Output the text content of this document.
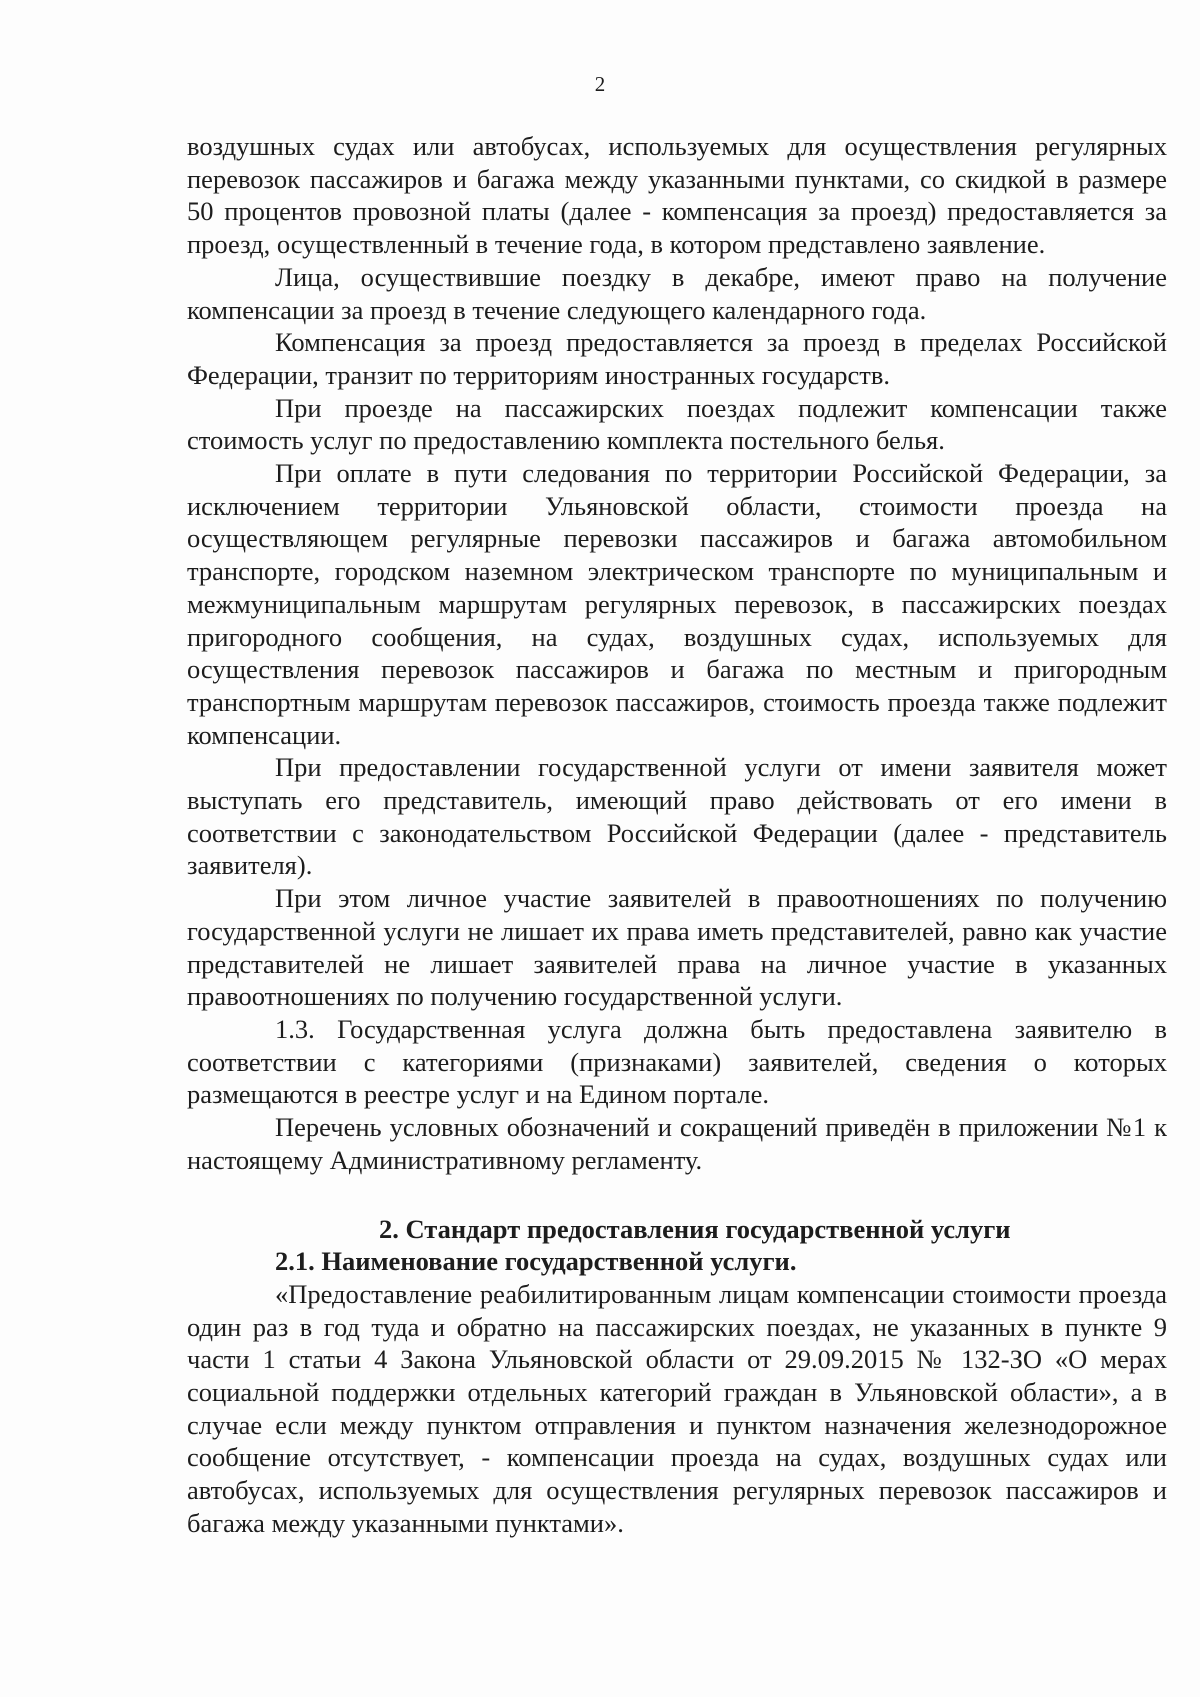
2

воздушных судах или автобусах, используемых для осуществления регулярных перевозок пассажиров и багажа между указанными пунктами, со скидкой в размере 50 процентов провозной платы (далее - компенсация за проезд) предоставляется за проезд, осуществленный в течение года, в котором представлено заявление.

Лица, осуществившие поездку в декабре, имеют право на получение компенсации за проезд в течение следующего календарного года.

Компенсация за проезд предоставляется за проезд в пределах Российской Федерации, транзит по территориям иностранных государств.

При проезде на пассажирских поездах подлежит компенсации также стоимость услуг по предоставлению комплекта постельного белья.

При оплате в пути следования по территории Российской Федерации, за исключением территории Ульяновской области, стоимости проезда на осуществляющем регулярные перевозки пассажиров и багажа автомобильном транспорте, городском наземном электрическом транспорте по муниципальным и межмуниципальным маршрутам регулярных перевозок, в пассажирских поездах пригородного сообщения, на судах, воздушных судах, используемых для осуществления перевозок пассажиров и багажа по местным и пригородным транспортным маршрутам перевозок пассажиров, стоимость проезда также подлежит компенсации.

При предоставлении государственной услуги от имени заявителя может выступать его представитель, имеющий право действовать от его имени в соответствии с законодательством Российской Федерации (далее - представитель заявителя).

При этом личное участие заявителей в правоотношениях по получению государственной услуги не лишает их права иметь представителей, равно как участие представителей не лишает заявителей права на личное участие в указанных правоотношениях по получению государственной услуги.

1.3. Государственная услуга должна быть предоставлена заявителю в соответствии с категориями (признаками) заявителей, сведения о которых размещаются в реестре услуг и на Едином портале.

Перечень условных обозначений и сокращений приведён в приложении №1 к настоящему Административному регламенту.

2. Стандарт предоставления государственной услуги

2.1. Наименование государственной услуги.

«Предоставление реабилитированным лицам компенсации стоимости проезда один раз в год туда и обратно на пассажирских поездах, не указанных в пункте 9 части 1 статьи 4 Закона Ульяновской области от 29.09.2015 № 132-ЗО «О мерах социальной поддержки отдельных категорий граждан в Ульяновской области», а в случае если между пунктом отправления и пунктом назначения железнодорожное сообщение отсутствует, - компенсации проезда на судах, воздушных судах или автобусах, используемых для осуществления регулярных перевозок пассажиров и багажа между указанными пунктами».
